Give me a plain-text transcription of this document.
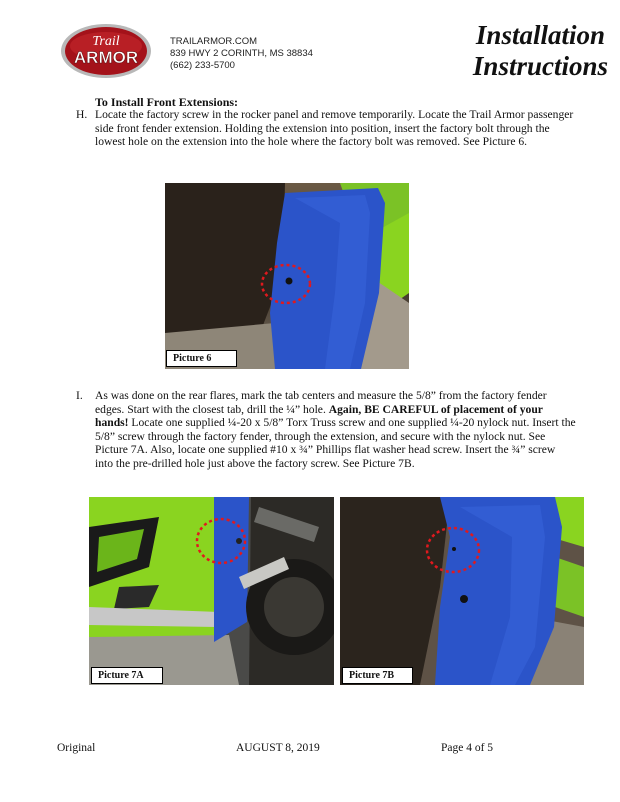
Trail
ARMOR
TRAILARMOR.COM
839 HWY 2 CORINTH, MS 38834
(662) 233-5700
Installation
Instructions
To Install Front Extensions:
H. Locate the factory screw in the rocker panel and remove temporarily. Locate the Trail Armor passenger side front fender extension. Holding the extension into position, insert the factory bolt through the lowest hole on the extension into the hole where the factory bolt was removed. See Picture 6.
Picture 6
I. As was done on the rear flares, mark the tab centers and measure the 5/8” from the factory fender edges. Start with the closest tab, drill the ¼” hole. Again, BE CAREFUL of placement of your hands! Locate one supplied ¼-20 x 5/8” Torx Truss screw and one supplied ¼-20 nylock nut. Insert the 5/8” screw through the factory fender, through the extension, and secure with the nylock nut. See Picture 7A. Also, locate one supplied #10 x ¾” Phillips flat washer head screw. Insert the ¾” screw into the pre-drilled hole just above the factory screw. See Picture 7B.
Picture 7A	Picture 7B
Original	AUGUST 8, 2019	Page 4 of 5
